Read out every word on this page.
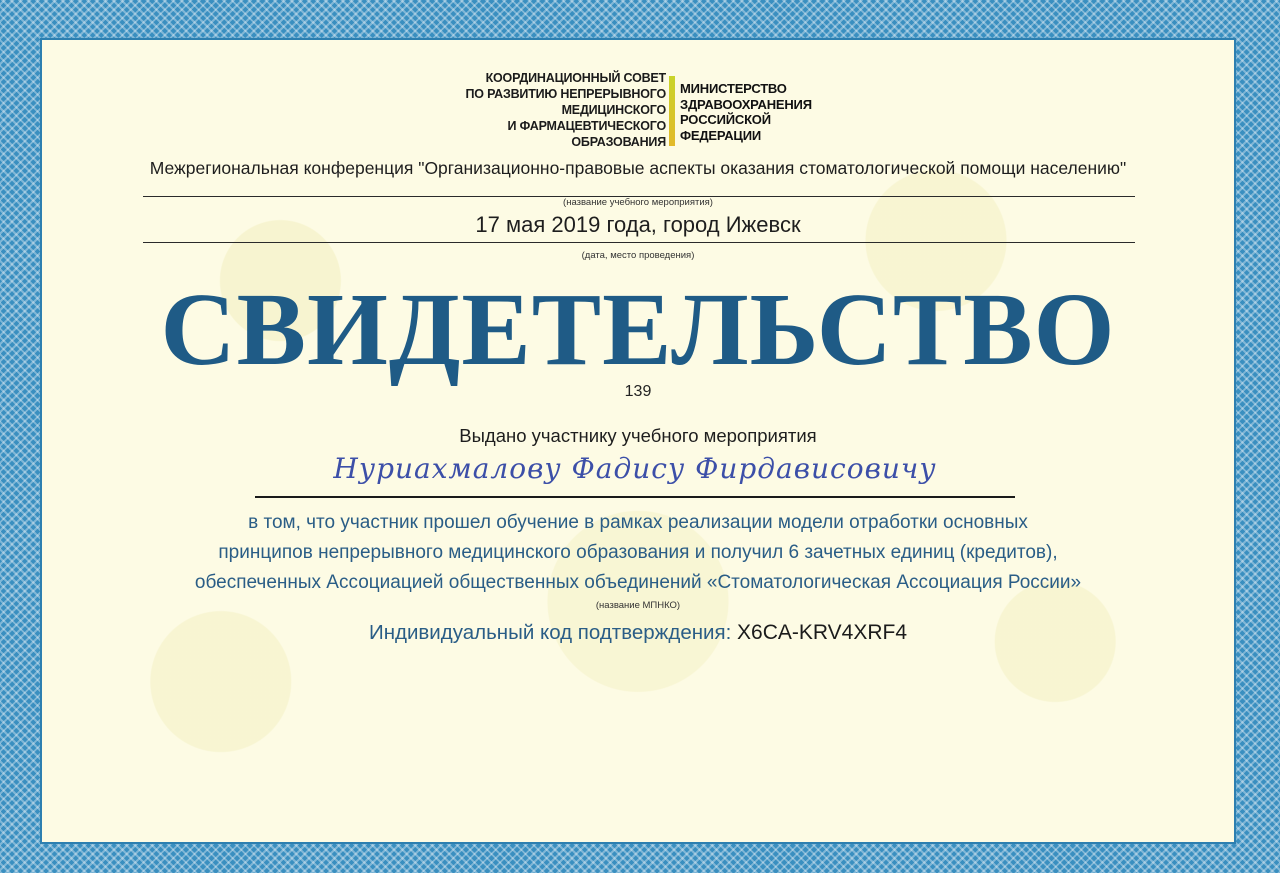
КООРДИНАЦИОННЫЙ СОВЕТ
ПО РАЗВИТИЮ НЕПРЕРЫВНОГО
МЕДИЦИНСКОГО
И ФАРМАЦЕВТИЧЕСКОГО
ОБРАЗОВАНИЯ
МИНИСТЕРСТВО
ЗДРАВООХРАНЕНИЯ
РОССИЙСКОЙ
ФЕДЕРАЦИИ
Межрегиональная конференция "Организационно-правовые аспекты оказания стоматологической помощи населению"
(название учебного мероприятия)
17 мая 2019 года, город Ижевск
(дата, место проведения)
СВИДЕТЕЛЬСТВО
139
Выдано участнику учебного мероприятия
Нуриахмалову Фадису Фирдависовичу
в том, что участник прошел обучение в рамках реализации модели отработки основных
принципов непрерывного медицинского образования и получил 6 зачетных единиц (кредитов),
обеспеченных Ассоциацией общественных объединений «Стоматологическая Ассоциация России»
(название МПНКО)
Индивидуальный код подтверждения: X6CA-KRV4XRF4
